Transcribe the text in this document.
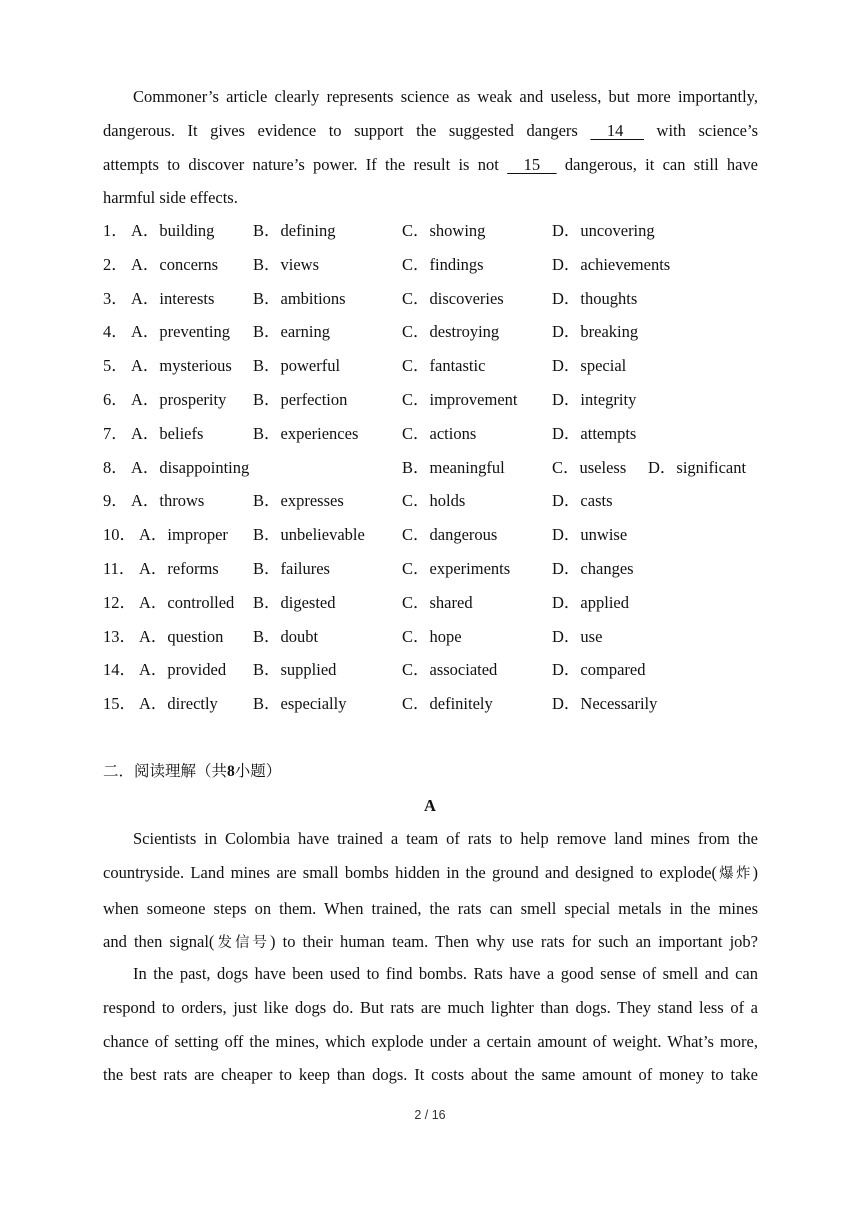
Commoner’s article clearly represents science as weak and useless, but more importantly,
dangerous. It gives evidence to support the suggested dangers     14      with science’s
attempts to discover nature’s power. If the result is not     15     dangerous, it can still have
harmful side effects.
1． A．building B．defining	C．showing	D．uncovering
2． A．concerns B．views	C．findings	D．achievements
3． A．interests B．ambitions	C．discoveries	D．thoughts
4． A．preventing B．earning	C．destroying	D．breaking
5． A．mysterious B．powerful	C．fantastic	D．special
6． A．prosperity B．perfection	C．improvement D．integrity
7． A．beliefs	B．experiences	C．actions	D．attempts
8． A．disappointing	B．meaningful	C．useless D．significant
9． A．throws	B．expresses	C．holds	D．casts
10． A．improper B．unbelievable C．dangerous	D．unwise
11． A．reforms B．failures	C．experiments	D．changes
12． A．controlled B．digested	C．shared	D．applied
13． A．question B．doubt	C．hope	D．use
14． A．provided B．supplied	C．associated	D．compared
15． A．directly B．especially	C．definitely	D．Necessarily
二．阅读理解（共8小题）
A
Scientists in Colombia have trained a team of rats to help remove land mines from the
countryside. Land mines are small bombs hidden in the ground and designed to explode(爆炸)
when someone steps on them. When trained, the rats can smell special metals in the mines
and then signal(发信号) to their human team. Then why use rats for such an important job?
In the past, dogs have been used to find bombs. Rats have a good sense of smell and can
respond to orders, just like dogs do. But rats are much lighter than dogs. They stand less of a
chance of setting off the mines, which explode under a certain amount of weight. What’s more,
the best rats are cheaper to keep than dogs. It costs about the same amount of money to take
2 / 16
